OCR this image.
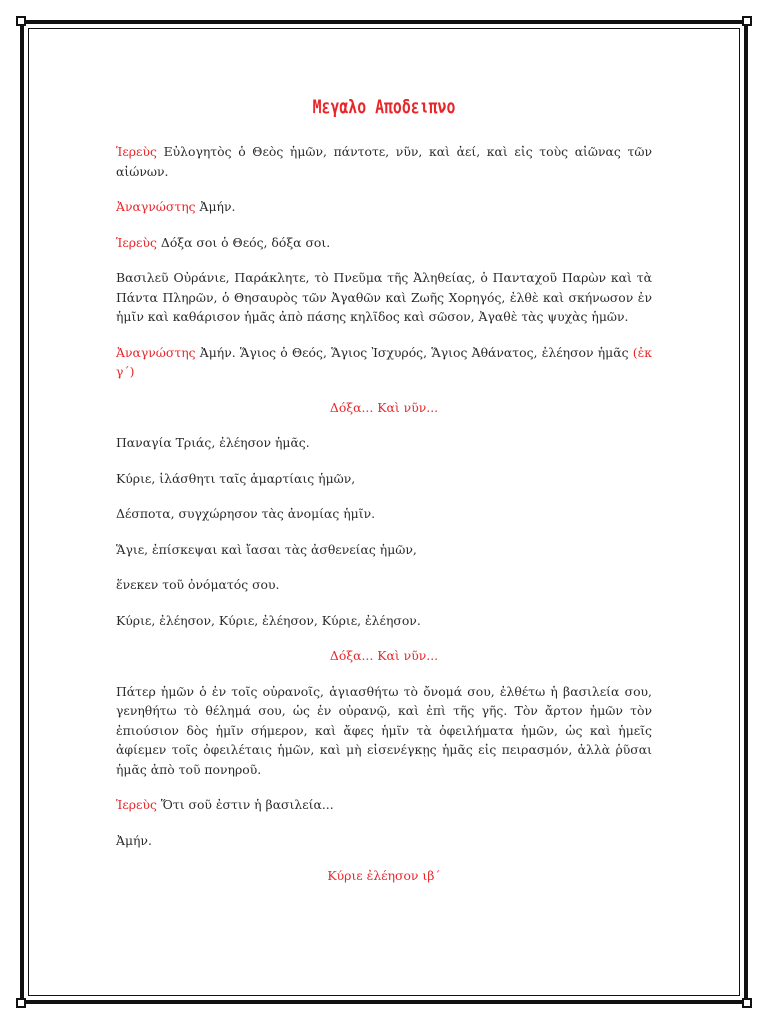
Μεγαλο Αποδειπνο

Ἱερεὺς Εὐλογητὸς ὁ Θεὸς ἡμῶν, πάντοτε, νῦν, καὶ ἀεί, καὶ εἰς τοὺς αἰῶνας τῶν αἰώνων.

Ἀναγνώστης Ἀμήν.

Ἱερεὺς Δόξα σοι ὁ Θεός, δόξα σοι.

Βασιλεῦ Οὐράνιε, Παράκλητε, τὸ Πνεῦμα τῆς Ἀληθείας, ὁ Πανταχοῦ Παρὼν καὶ τὰ Πάντα Πληρῶν, ὁ Θησαυρὸς τῶν Ἀγαθῶν καὶ Ζωῆς Χορηγός, ἐλθὲ καὶ σκήνωσον ἐν ἡμῖν καὶ καθάρισον ἡμᾶς ἀπὸ πάσης κηλῖδος καὶ σῶσον, Ἀγαθὲ τὰς ψυχὰς ἡμῶν.

Ἀναγνώστης Ἀμήν. Ἅγιος ὁ Θεός, Ἅγιος Ἰσχυρός, Ἅγιος Ἀθάνατος, ἐλέησον ἡμᾶς (ἐκ γ΄)

Δόξα... Καὶ νῦν...

Παναγία Τριάς, ἐλέησον ἡμᾶς.

Κύριε, ἱλάσθητι ταῖς ἁμαρτίαις ἡμῶν,

Δέσποτα, συγχώρησον τὰς ἀνομίας ἡμῖν.

Ἅγιε, ἐπίσκεψαι καὶ ἴασαι τὰς ἀσθενείας ἡμῶν,

ἕνεκεν τοῦ ὀνόματός σου.

Κύριε, ἐλέησον, Κύριε, ἐλέησον, Κύριε, ἐλέησον.

Δόξα... Καὶ νῦν...

Πάτερ ἡμῶν ὁ ἐν τοῖς οὐρανοῖς, ἁγιασθήτω τὸ ὄνομά σου, ἐλθέτω ἡ βασιλεία σου, γενηθήτω τὸ θέλημά σου, ὡς ἐν οὐρανῷ, καὶ ἐπὶ τῆς γῆς. Τὸν ἄρτον ἡμῶν τὸν ἐπιούσιον δὸς ἡμῖν σήμερον, καὶ ἄφες ἡμῖν τὰ ὀφειλήματα ἡμῶν, ὡς καὶ ἡμεῖς ἀφίεμεν τοῖς ὀφειλέταις ἡμῶν, καὶ μὴ εἰσενέγκῃς ἡμᾶς εἰς πειρασμόν, ἀλλὰ ῥῦσαι ἡμᾶς ἀπὸ τοῦ πονηροῦ.

Ἱερεὺς Ὅτι σοῦ ἐστιν ἡ βασιλεία...

Ἀμήν.

Κύριε ἐλέησον ιβ΄
